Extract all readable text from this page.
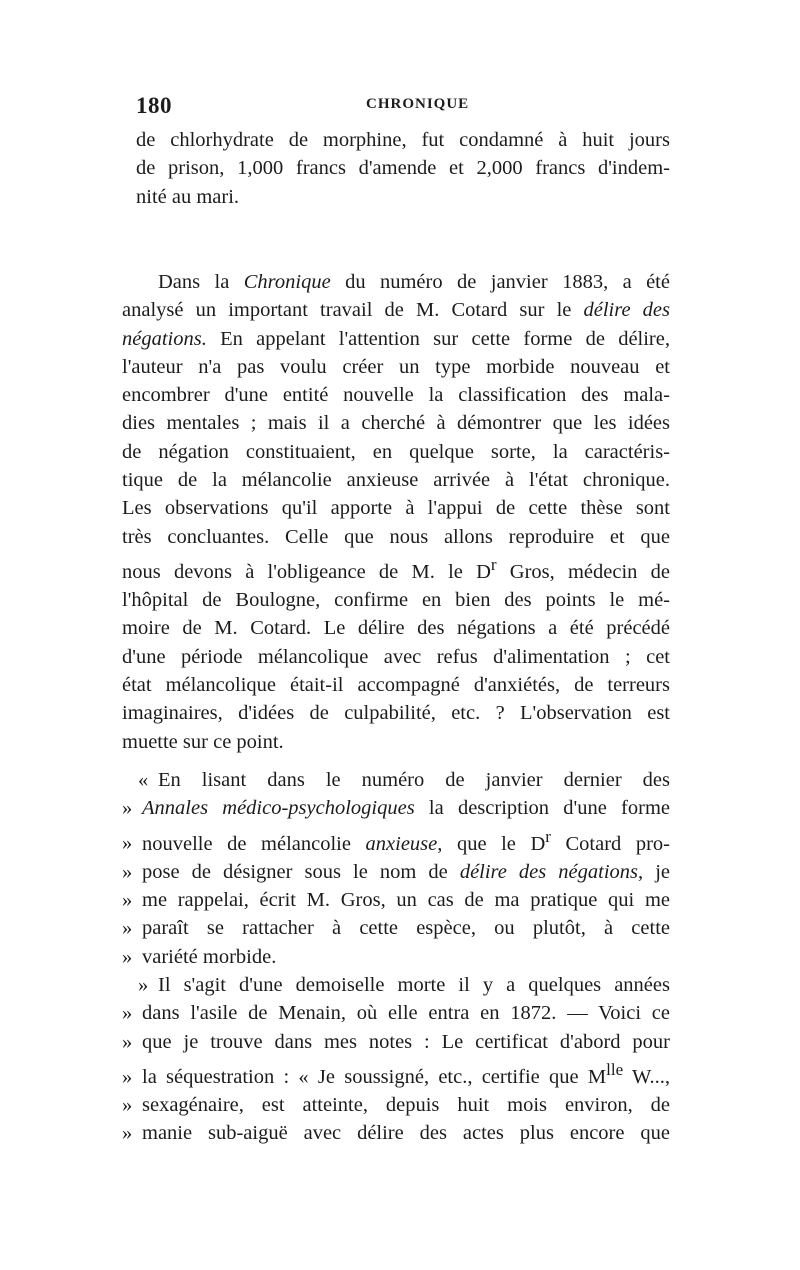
180	CHRONIQUE
de chlorhydrate de morphine, fut condamné à huit jours
de prison, 1,000 francs d'amende et 2,000 francs d'indem-
nité au mari.
Dans la Chronique du numéro de janvier 1883, a été
analysé un important travail de M. Cotard sur le délire des
négations. En appelant l'attention sur cette forme de délire,
l'auteur n'a pas voulu créer un type morbide nouveau et
encombrer d'une entité nouvelle la classification des mala-
dies mentales ; mais il a cherché à démontrer que les idées
de négation constituaient, en quelque sorte, la caractéris-
tique de la mélancolie anxieuse arrivée à l'état chronique.
Les observations qu'il apporte à l'appui de cette thèse sont
très concluantes. Celle que nous allons reproduire et que
nous devons à l'obligeance de M. le $D^r$ Gros, médecin de
l'hôpital de Boulogne, confirme en bien des points le mé-
moire de M. Cotard. Le délire des négations a été précédé
d'une période mélancolique avec refus d'alimentation ; cet
état mélancolique était-il accompagné d'anxiétés, de terreurs
imaginaires, d'idées de culpabilité, etc. ? L'observation est
muette sur ce point.
« En lisant dans le numéro de janvier dernier des
» Annales médico-psychologiques la description d'une forme
» nouvelle de mélancolie anxieuse, que le $D^r$ Cotard pro-
» pose de désigner sous le nom de délire des négations, je
» me rappelai, écrit M. Gros, un cas de ma pratique qui me
» paraît se rattacher à cette espèce, ou plutôt, à cette
» variété morbide.
» Il s'agit d'une demoiselle morte il y a quelques années
» dans l'asile de Menain, où elle entra en 1872. — Voici ce
» que je trouve dans mes notes : Le certificat d'abord pour
» la séquestration : « Je soussigné, etc., certifie que $M^{lle}$ W...,
» sexagénaire, est atteinte, depuis huit mois environ, de
» manie sub-aiguë avec délire des actes plus encore que
